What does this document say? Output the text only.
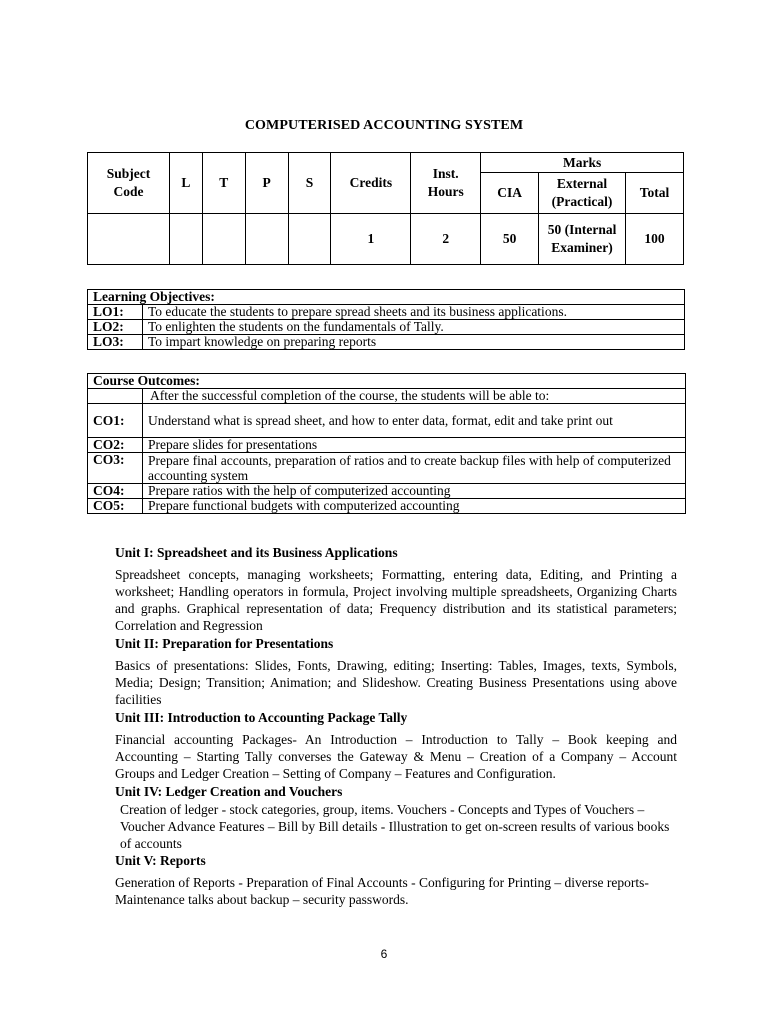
COMPUTERISED ACCOUNTING SYSTEM
Subject Code	L	T	P	S	Credits	Inst. Hours	Marks		
							CIA	External (Practical)	Total
					1	2	50	50 (Internal Examiner)	100
Learning Objectives:	
LO1:	To educate the students to prepare spread sheets and its business applications.
LO2:	To enlighten the students on the fundamentals of Tally.
LO3:	To impart knowledge on preparing reports
Course Outcomes:	
	After the successful completion of the course, the students will be able to:
CO1:	Understand what is spread sheet, and how to enter data, format, edit and take print out
CO2:	Prepare slides for presentations
CO3:	Prepare final accounts, preparation of ratios and to create backup files with help of computerized accounting system
CO4:	Prepare ratios with the help of computerized accounting
CO5:	Prepare functional budgets with computerized accounting
Unit I: Spreadsheet and its Business Applications
Spreadsheet concepts, managing worksheets; Formatting, entering data, Editing, and Printing a worksheet; Handling operators in formula, Project involving multiple spreadsheets, Organizing Charts and graphs. Graphical representation of data; Frequency distribution and its statistical parameters; Correlation and Regression
Unit II: Preparation for Presentations
Basics of presentations: Slides, Fonts, Drawing, editing; Inserting: Tables, Images, texts, Symbols, Media; Design; Transition; Animation; and Slideshow. Creating Business Presentations using above facilities
Unit III: Introduction to Accounting Package Tally
Financial accounting Packages- An Introduction – Introduction to Tally – Book keeping and Accounting – Starting Tally converses the Gateway & Menu – Creation of a Company – Account Groups and Ledger Creation – Setting of Company – Features and Configuration.
Unit IV: Ledger Creation and Vouchers
Creation of ledger - stock categories, group, items. Vouchers - Concepts and Types of Vouchers – Voucher Advance Features – Bill by Bill details - Illustration to get on-screen results of various books of accounts
Unit V: Reports
Generation of Reports - Preparation of Final Accounts - Configuring for Printing – diverse reports- Maintenance talks about backup – security passwords.
6
